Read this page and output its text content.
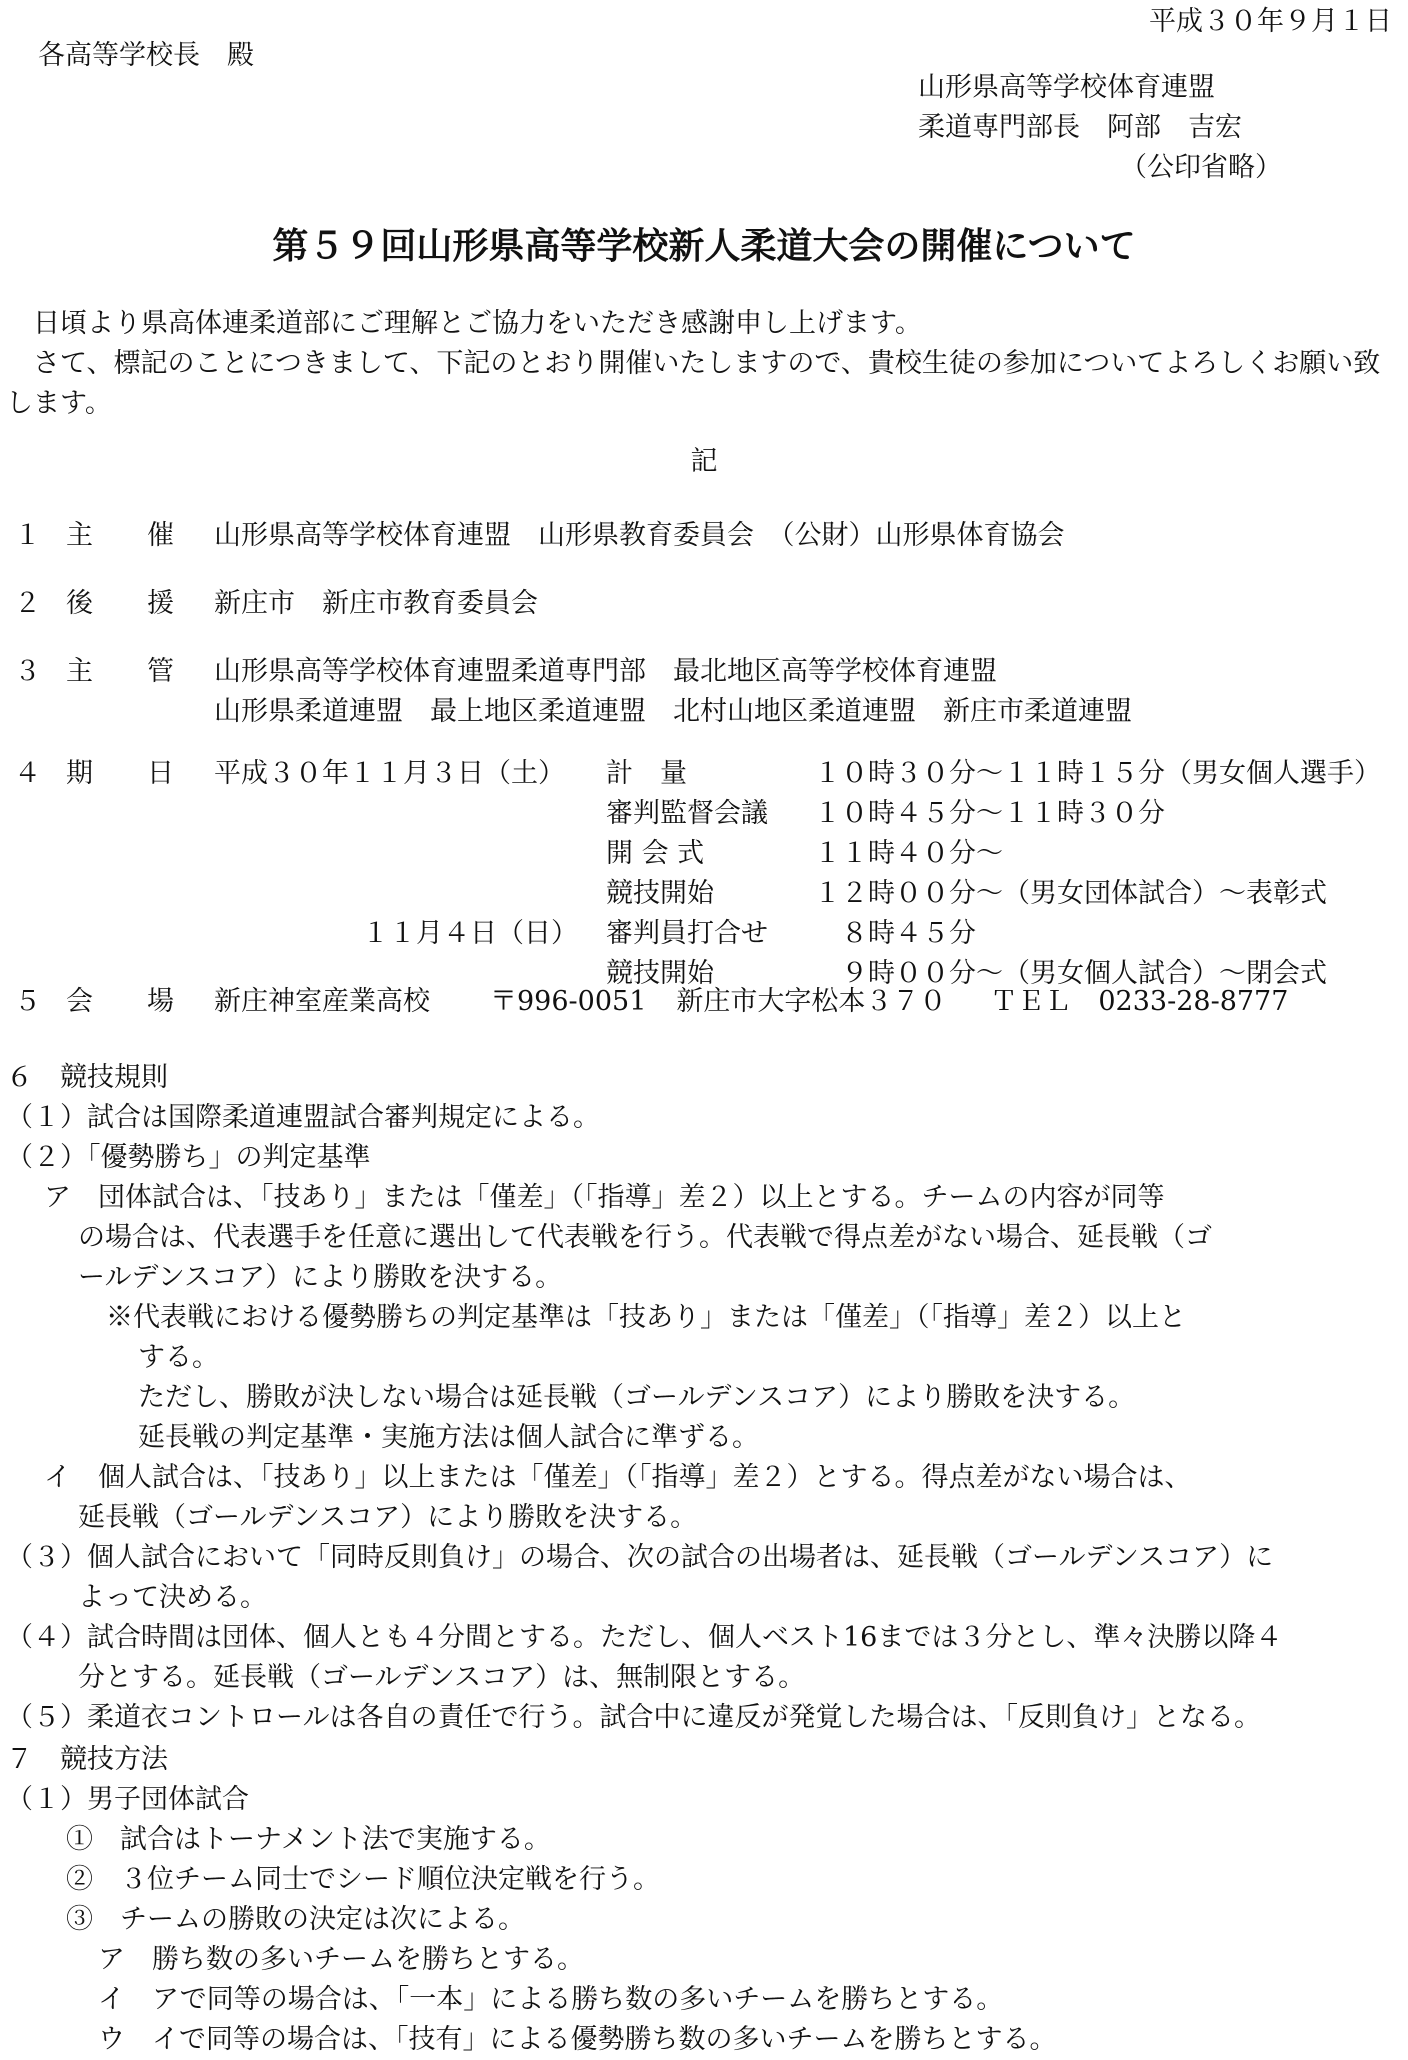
平成３０年９月１日
各高等学校長　殿
山形県高等学校体育連盟
柔道専門部長　阿部　吉宏
（公印省略）
第５９回山形県高等学校新人柔道大会の開催について

　日頃より県高体連柔道部にご理解とご協力をいただき感謝申し上げます。

　さて、標記のことにつきまして、下記のとおり開催いたしますので、貴校生徒の参加についてよろしくお願い致します。

記
１ 主　　催 山形県高等学校体育連盟　山形県教育委員会　（公財）山形県体育協会
２ 後　　援 新庄市　新庄市教育委員会
３ 主　　管 山形県高等学校体育連盟柔道専門部　最北地区高等学校体育連盟
山形県柔道連盟　最上地区柔道連盟　北村山地区柔道連盟　新庄市柔道連盟
４ 期　　日 平成３０年１１月３日（土） 計　量	１０時３０分～１１時１５分（男女個人選手）
審判監督会議 １０時４５分～１１時３０分
開 会 式	１１時４０分～
競技開始	１２時００分～（男女団体試合）～表彰式
１１月４日（日） 審判員打合せ 　８時４５分
競技開始	　９時００分～（男女個人試合）～閉会式
５ 会　　場 新庄神室産業高校 〒996-0051 新庄市大字松本３７０ ＴＥＬ　0233-28-8777
６　競技規則
（１）試合は国際柔道連盟試合審判規定による。
（２）「優勢勝ち」の判定基準
ア　団体試合は、「技あり」または「僅差」（「指導」差２）以上とする。チームの内容が同等
の場合は、代表選手を任意に選出して代表戦を行う。代表戦で得点差がない場合、延長戦（ゴ
ールデンスコア）により勝敗を決する。
※代表戦における優勢勝ちの判定基準は「技あり」または「僅差」（「指導」差２）以上と
する。
ただし、勝敗が決しない場合は延長戦（ゴールデンスコア）により勝敗を決する。
延長戦の判定基準・実施方法は個人試合に準ずる。
イ　個人試合は、「技あり」以上または「僅差」（「指導」差２）とする。得点差がない場合は、
延長戦（ゴールデンスコア）により勝敗を決する。
（３）個人試合において「同時反則負け」の場合、次の試合の出場者は、延長戦（ゴールデンスコア）に
よって決める。
（４）試合時間は団体、個人とも４分間とする。ただし、個人ベスト16までは３分とし、準々決勝以降４
分とする。延長戦（ゴールデンスコア）は、無制限とする。
（５）柔道衣コントロールは各自の責任で行う。試合中に違反が発覚した場合は、「反則負け」となる。
７　競技方法
（１）男子団体試合
①　試合はトーナメント法で実施する。
②　３位チーム同士でシード順位決定戦を行う。
③　チームの勝敗の決定は次による。
ア　勝ち数の多いチームを勝ちとする。
イ　アで同等の場合は、「一本」による勝ち数の多いチームを勝ちとする。
ウ　イで同等の場合は、「技有」による優勢勝ち数の多いチームを勝ちとする。
